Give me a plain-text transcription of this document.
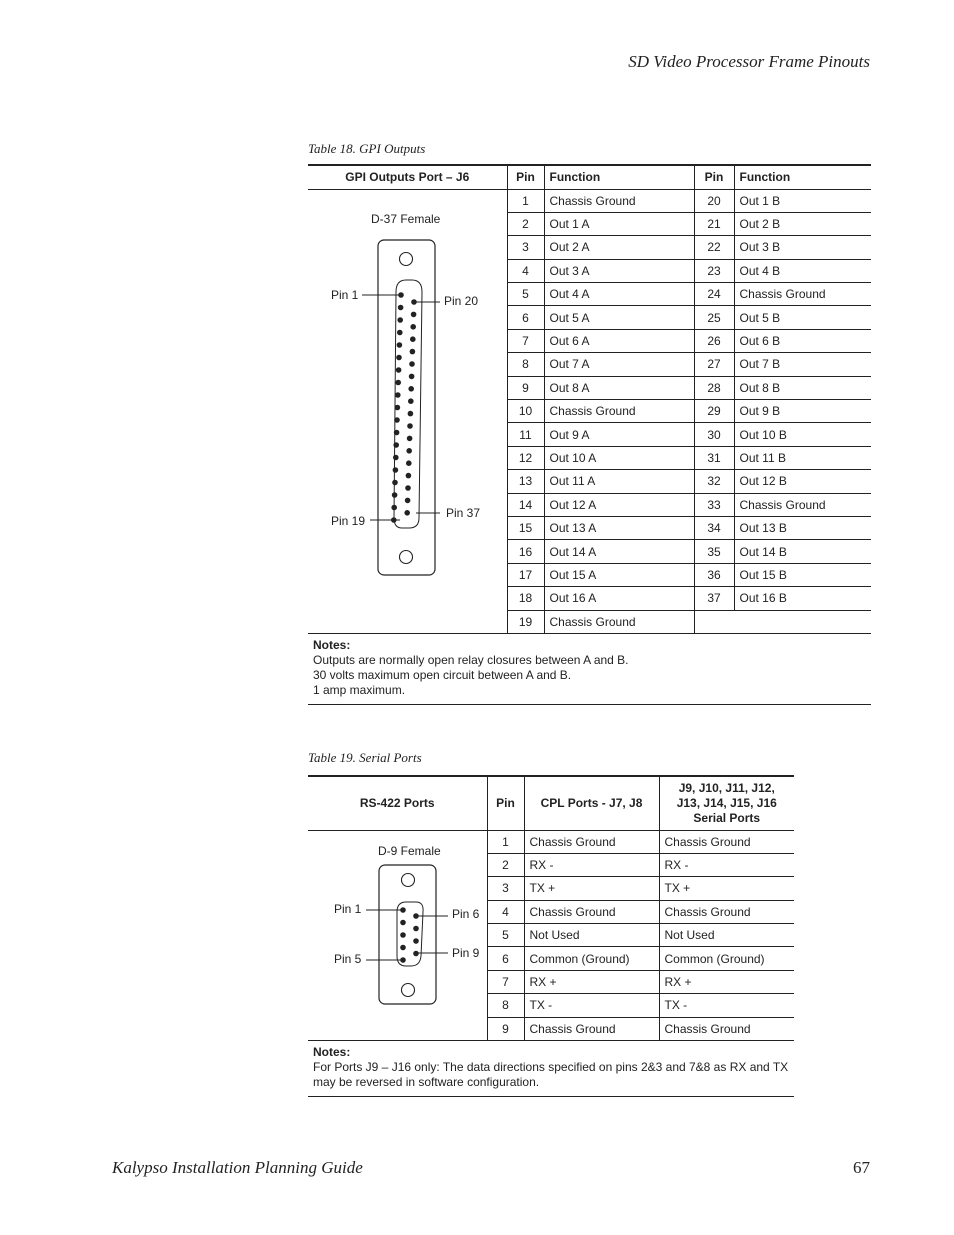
SD Video Processor Frame Pinouts
Table 18. GPI Outputs
GPI Outputs Port – J6	Pin	Function	Pin	Function
	1	Chassis Ground	20	Out 1 B
	2	Out 1 A	21	Out 2 B
	3	Out 2 A	22	Out 3 B
	4	Out 3 A	23	Out 4 B
	5	Out 4 A	24	Chassis Ground
	6	Out 5 A	25	Out 5 B
	7	Out 6 A	26	Out 6 B
	8	Out 7 A	27	Out 7 B
	9	Out 8 A	28	Out 8 B
	10	Chassis Ground	29	Out 9 B
	11	Out 9 A	30	Out 10 B
	12	Out 10 A	31	Out 11 B
	13	Out 11 A	32	Out 12 B
	14	Out 12 A	33	Chassis Ground
	15	Out 13 A	34	Out 13 B
	16	Out 14 A	35	Out 14 B
	17	Out 15 A	36	Out 15 B
	18	Out 16 A	37	Out 16 B
	19	Chassis Ground		

Notes:
Outputs are normally open relay closures between A and B.
30 volts maximum open circuit between A and B.
1 amp maximum.				
D-37 Female
Pin 1	Pin 20
Pin 19
Pin 37
Table 19. Serial Ports
RS-422 Ports	Pin	CPL Ports - J7, J8	J9, J10, J11, J12,
J13, J14, J15, J16
Serial Ports

	1	Chassis Ground	Chassis Ground
	2	RX -	RX -
	3	TX +	TX +
	4	Chassis Ground	Chassis Ground
	5	Not Used	Not Used
	6	Common (Ground)	Common (Ground)
	7	RX +	RX +
	8	TX -	TX -
	9	Chassis Ground	Chassis Ground

Notes:
For Ports J9 – J16 only: The data directions specified on pins 2&3 and 7&8 as RX and TX may be reversed in software configuration.			
D-9 Female
Pin 1	Pin 6
Pin 5	Pin 9
Kalypso Installation Planning Guide	67
